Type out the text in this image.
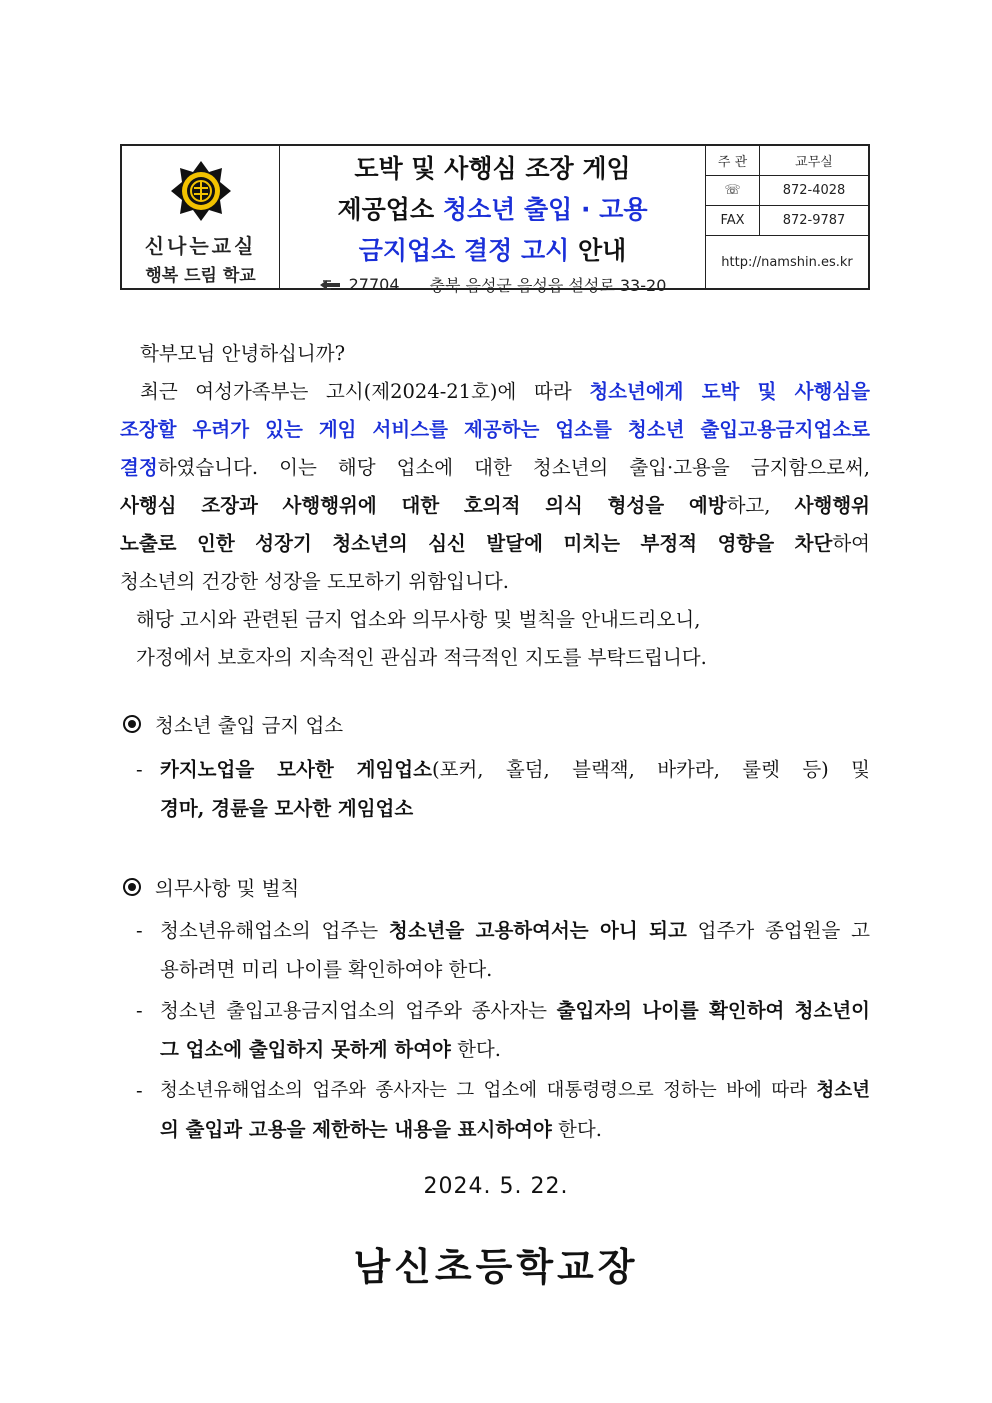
신나는교실
행복 드림 학교
도박 및 사행심 조장 게임
제공업소 청소년 출입 · 고용
금지업소 결정 고시 안내
27704 충북 음성군 음성읍 설성로 33-20
주 관	교무실
☏	872-4028
FAX	872-9787
http://namshin.es.kr
학부모님 안녕하십니까?
최근 여성가족부는 고시(제2024-21호)에 따라 청소년에게 도박 및 사행심을
조장할 우려가 있는 게임 서비스를 제공하는 업소를 청소년 출입고용금지업소로
결정하였습니다. 이는 해당 업소에 대한 청소년의 출입·고용을 금지함으로써,
사행심 조장과 사행행위에 대한 호의적 의식 형성을 예방하고, 사행행위
노출로 인한 성장기 청소년의 심신 발달에 미치는 부정적 영향을 차단하여
청소년의 건강한 성장을 도모하기 위함입니다.
해당 고시와 관련된 금지 업소와 의무사항 및 벌칙을 안내드리오니,
가정에서 보호자의 지속적인 관심과 적극적인 지도를 부탁드립니다.
청소년 출입 금지 업소
- 카지노업을 모사한 게임업소(포커, 홀덤, 블랙잭, 바카라, 룰렛 등) 및
경마, 경륜을 모사한 게임업소
의무사항 및 벌칙
- 청소년유해업소의 업주는 청소년을 고용하여서는 아니 되고 업주가 종업원을 고
용하려면 미리 나이를 확인하여야 한다.
- 청소년 출입고용금지업소의 업주와 종사자는 출입자의 나이를 확인하여 청소년이
그 업소에 출입하지 못하게 하여야 한다.
- 청소년유해업소의 업주와 종사자는 그 업소에 대통령령으로 정하는 바에 따라 청소년
의 출입과 고용을 제한하는 내용을 표시하여야 한다.
2024. 5. 22.
남신초등학교장
